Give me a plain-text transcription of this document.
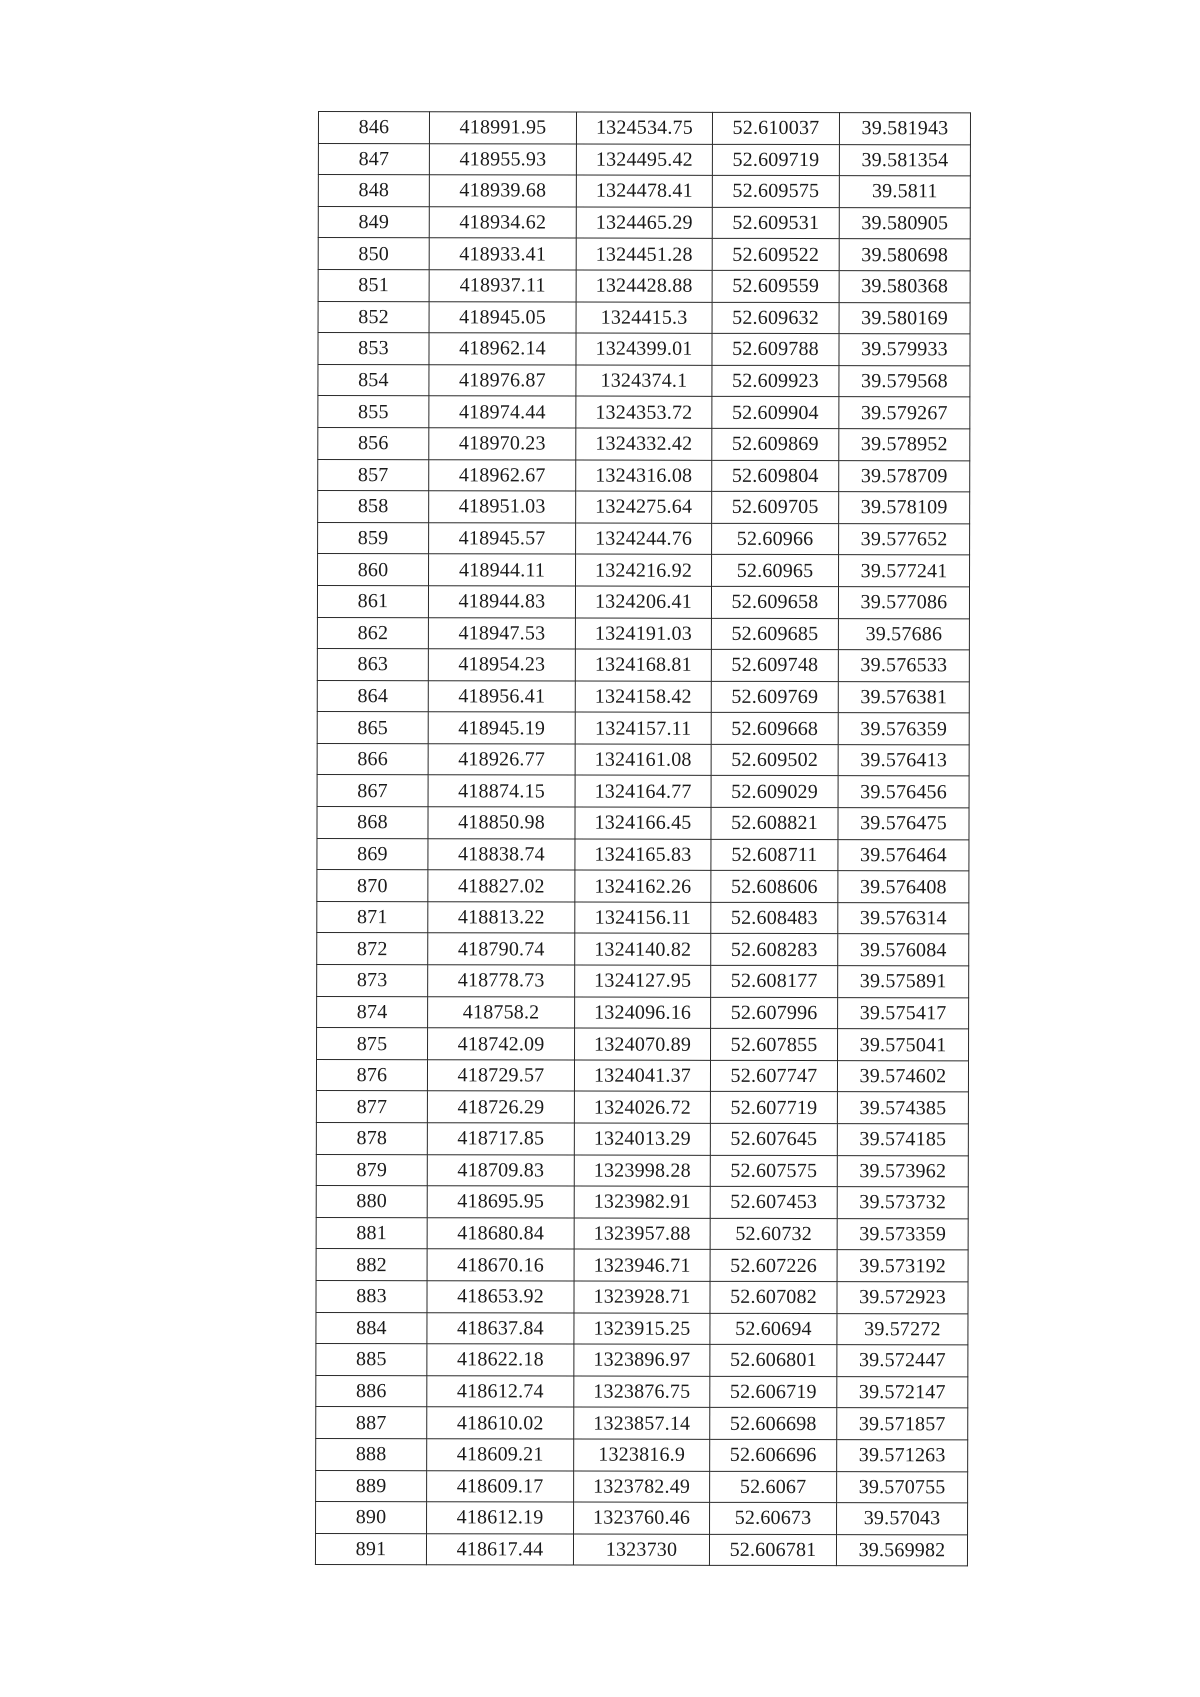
846	418991.95	1324534.75	52.610037	39.581943
847	418955.93	1324495.42	52.609719	39.581354
848	418939.68	1324478.41	52.609575	39.5811
849	418934.62	1324465.29	52.609531	39.580905
850	418933.41	1324451.28	52.609522	39.580698
851	418937.11	1324428.88	52.609559	39.580368
852	418945.05	1324415.3	52.609632	39.580169
853	418962.14	1324399.01	52.609788	39.579933
854	418976.87	1324374.1	52.609923	39.579568
855	418974.44	1324353.72	52.609904	39.579267
856	418970.23	1324332.42	52.609869	39.578952
857	418962.67	1324316.08	52.609804	39.578709
858	418951.03	1324275.64	52.609705	39.578109
859	418945.57	1324244.76	52.60966	39.577652
860	418944.11	1324216.92	52.60965	39.577241
861	418944.83	1324206.41	52.609658	39.577086
862	418947.53	1324191.03	52.609685	39.57686
863	418954.23	1324168.81	52.609748	39.576533
864	418956.41	1324158.42	52.609769	39.576381
865	418945.19	1324157.11	52.609668	39.576359
866	418926.77	1324161.08	52.609502	39.576413
867	418874.15	1324164.77	52.609029	39.576456
868	418850.98	1324166.45	52.608821	39.576475
869	418838.74	1324165.83	52.608711	39.576464
870	418827.02	1324162.26	52.608606	39.576408
871	418813.22	1324156.11	52.608483	39.576314
872	418790.74	1324140.82	52.608283	39.576084
873	418778.73	1324127.95	52.608177	39.575891
874	418758.2	1324096.16	52.607996	39.575417
875	418742.09	1324070.89	52.607855	39.575041
876	418729.57	1324041.37	52.607747	39.574602
877	418726.29	1324026.72	52.607719	39.574385
878	418717.85	1324013.29	52.607645	39.574185
879	418709.83	1323998.28	52.607575	39.573962
880	418695.95	1323982.91	52.607453	39.573732
881	418680.84	1323957.88	52.60732	39.573359
882	418670.16	1323946.71	52.607226	39.573192
883	418653.92	1323928.71	52.607082	39.572923
884	418637.84	1323915.25	52.60694	39.57272
885	418622.18	1323896.97	52.606801	39.572447
886	418612.74	1323876.75	52.606719	39.572147
887	418610.02	1323857.14	52.606698	39.571857
888	418609.21	1323816.9	52.606696	39.571263
889	418609.17	1323782.49	52.6067	39.570755
890	418612.19	1323760.46	52.60673	39.57043
891	418617.44	1323730	52.606781	39.569982
